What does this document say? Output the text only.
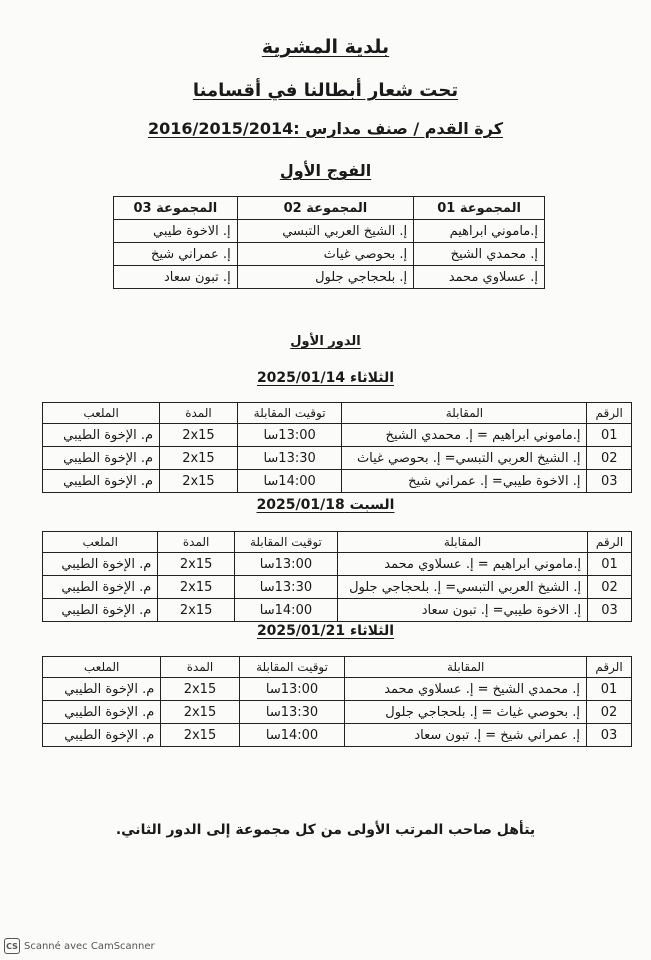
بلدية المشرية
تحت شعار أبطالنا في أقسامنا
كرة القدم / صنف مدارس :2016/2015/2014
الفوج الأول
المجموعة 01	المجموعة 02	المجموعة 03
إ.ماموني ابراهيم	إ. الشيخ العربي التبسي	إ. الاخوة طيبي
إ. محمدي الشيخ	إ. بحوصي غياث	إ. عمراني شيخ
إ. عسلاوي محمد	إ. بلحجاجي جلول	إ. تبون سعاد
الدور الأول
الثلاثاء 2025/01/14
الرقم	المقابلة	توقيت المقابلة	المدة	الملعب
01	إ.ماموني ابراهيم = إ. محمدي الشيخ	13:00سا	2x15	م. الإخوة الطيبي
02	إ. الشيخ العربي التبسي= إ. بحوصي غياث	13:30سا	2x15	م. الإخوة الطيبي
03	إ. الاخوة طيبي= إ. عمراني شيخ	14:00سا	2x15	م. الإخوة الطيبي
السبت 2025/01/18
الرقم	المقابلة	توقيت المقابلة	المدة	الملعب
01	إ.ماموني ابراهيم = إ. عسلاوي محمد	13:00سا	2x15	م. الإخوة الطيبي
02	إ. الشيخ العربي التبسي= إ. بلحجاجي جلول	13:30سا	2x15	م. الإخوة الطيبي
03	إ. الاخوة طيبي= إ. تبون سعاد	14:00سا	2x15	م. الإخوة الطيبي
الثلاثاء 2025/01/21
الرقم	المقابلة	توقيت المقابلة	المدة	الملعب
01	إ. محمدي الشيخ = إ. عسلاوي محمد	13:00سا	2x15	م. الإخوة الطيبي
02	إ. بحوصي غياث = إ. بلحجاجي جلول	13:30سا	2x15	م. الإخوة الطيبي
03	إ. عمراني شيخ = إ. تبون سعاد	14:00سا	2x15	م. الإخوة الطيبي
يتأهل صاحب المرتب الأولى من كل مجموعة إلى الدور الثاني.
CS Scanné avec CamScanner
